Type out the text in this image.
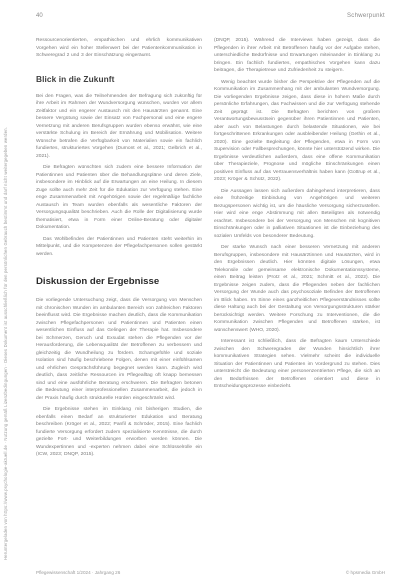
Heruntergeladen von https://www.psychologie-aktuell.de · Nutzung gemäß Lizenzbedingungen · Dieses Dokument ist ausschließlich für den persönlichen Gebrauch bestimmt und darf nicht weitergegeben werden.
40	Schwerpunkt

Ressourcenorientierten, empathischen und ehrlich kommunikativen Vorgehen wird ein hoher Stellenwert bei der Patientenkommunikation in Schweregrad 2 und 3 der Einschätzung eingeräumt.

Blick in die Zukunft

Bei den Fragen, was die Teilnehmenden der Befragung sich zukünftig für ihre Arbeit im Rahmen der Wundversorgung wünschen, wurden vor allem Zeitfaktor und ein engerer Austausch mit den Hausärzten genannt. Eine bessere Vergütung sowie der Einsatz von Fachpersonal und eine engere Vernetzung mit anderen Berufsgruppen wurden ebenso erwähnt, wie eine verstärkte Schulung im Bereich der Ernährung und Mobilisation. Weitere Wünsche betrafen die Verfügbarkeit von Materialien sowie ein fachlich fundiertes, strukturiertes Vorgehen (Dumont et al., 2021; Gelbrich et al., 2021).

Die Befragten wünschten sich zudem eine bessere Information der Patientinnen und Patienten über die Behandlungspläne und deren Ziele, insbesondere im Hinblick auf die Erwartungen an eine Heilung. In diesem Zuge sollte auch mehr Zeit für die Edukation zur Verfügung stehen. Eine enge Zusammenarbeit mit Angehörigen sowie der regelmäßige fachliche Austausch im Team wurden ebenfalls als wesentliche Faktoren der Versorgungsqualität beschrieben. Auch die Rolle der Digitalisierung wurde thematisiert, etwa in Form einer Online-Beratung oder digitaler Dokumentation.

Das Wohlbefinden der Patientinnen und Patienten steht weiterhin im Mittelpunkt, und die Kompetenzen der Pflegefachpersonen sollen gestärkt werden.

Diskussion der Ergebnisse

Die vorliegende Untersuchung zeigt, dass die Versorgung von Menschen mit chronischen Wunden im ambulanten Bereich von zahlreichen Faktoren beeinflusst wird. Die Ergebnisse machen deutlich, dass die Kommunikation zwischen Pflegefachpersonen und Patientinnen und Patienten einen wesentlichen Einfluss auf das Gelingen der Therapie hat. Insbesondere bei Schmerzen, Geruch und Exsudat stehen die Pflegenden vor der Herausforderung, die Lebensqualität der Betroffenen zu verbessern und gleichzeitig die Wundheilung zu fördern. Schamgefühle und soziale Isolation sind häufig beschriebene Folgen, denen mit einer einfühlsamen und ehrlichen Gesprächsführung begegnet werden kann. Zugleich wird deutlich, dass zeitliche Ressourcen im Pflegealltag oft knapp bemessen sind und eine ausführliche Beratung erschweren. Die Befragten betonen die Bedeutung einer interprofessionellen Zusammenarbeit, die jedoch in der Praxis häufig durch strukturelle Hürden eingeschränkt wird.

Die Ergebnisse stehen im Einklang mit bisherigen Studien, die ebenfalls einen Bedarf an strukturierter Edukation und Beratung beschreiben (Kröger et al., 2022; Panfil & Schröder, 2015). Eine fachlich fundierte Versorgung erfordert zudem spezialisierte Kenntnisse, die durch gezielte Fort- und Weiterbildungen erworben werden können. Die Wundexpertinnen und -experten nehmen dabei eine Schlüsselrolle ein (ICW, 2023; DNQP, 2015).

(DNQP, 2015). Während die Interviews haben gezeigt, dass die Pflegenden in ihrer Arbeit mit Betroffenen häufig vor der Aufgabe stehen, unterschiedliche Bedürfnisse und Erwartungen miteinander in Einklang zu bringen. Ein fachlich fundiertes, empathisches Vorgehen kann dazu beitragen, die Therapietreue und Zufriedenheit zu steigern.

Wenig beachtet wurde bisher die Perspektive der Pflegenden auf die Kommunikation im Zusammenhang mit der ambulanten Wundversorgung. Die vorliegenden Ergebnisse zeigen, dass diese in hohem Maße durch persönliche Erfahrungen, das Fachwissen und die zur Verfügung stehende Zeit geprägt ist. Die Befragten berichten von großem Verantwortungsbewusstsein gegenüber ihren Patientinnen und Patienten, aber auch von Belastungen durch belastende Situationen, wie bei fortgeschrittenen Erkrankungen oder ausbleibender Heilung (Gethin et al., 2020). Eine gezielte Begleitung der Pflegenden, etwa in Form von Supervision oder Fallbesprechungen, könnte hier unterstützend wirken. Die Ergebnisse verdeutlichen außerdem, dass eine offene Kommunikation über Therapieziele, Prognose und mögliche Einschränkungen einen positiven Einfluss auf das Vertrauensverhältnis haben kann (Gottrup et al., 2023; Kröger & Schütz, 2022).

Die Aussagen lassen sich außerdem dahingehend interpretieren, dass eine frühzeitige Einbindung von Angehörigen und weiteren Bezugspersonen wichtig ist, um die häusliche Versorgung sicherzustellen. Hier wird eine enge Abstimmung mit allen Beteiligten als notwendig erachtet. Insbesondere bei der Versorgung von Menschen mit kognitiven Einschränkungen oder in palliativen Situationen ist die Einbeziehung des sozialen Umfelds von besonderer Bedeutung.

Der starke Wunsch nach einer besseren Vernetzung mit anderen Berufsgruppen, insbesondere mit Hausärztinnen und Hausärzten, wird in den Ergebnissen deutlich. Hier könnten digitale Lösungen, etwa Telekonsile oder gemeinsame elektronische Dokumentationssysteme, einen Beitrag leisten (Protz et al., 2021; Schmitt et al., 2022). Die Ergebnisse zeigen zudem, dass die Pflegenden neben der fachlichen Versorgung der Wunde auch das psychosoziale Befinden der Betroffenen im Blick haben. Im Sinne eines ganzheitlichen Pflegeverständnisses sollte diese Haltung auch bei der Gestaltung von Versorgungsstrukturen stärker berücksichtigt werden. Weitere Forschung zu Interventionen, die die Kommunikation zwischen Pflegenden und Betroffenen stärken, ist wünschenswert (WHO, 2020).

Interessant ist schließlich, dass die Befragten kaum Unterschiede zwischen den Schweregraden der Wunden hinsichtlich ihrer kommunikativen Strategien sehen. Vielmehr scheint die individuelle Situation der Patientinnen und Patienten im Vordergrund zu stehen. Dies unterstreicht die Bedeutung einer personenzentrierten Pflege, die sich an den Bedürfnissen der Betroffenen orientiert und diese in Entscheidungsprozesse einbezieht.

Pflegewissenschaft 1/2024 · Jahrgang 26	© hpsmedia GmbH
